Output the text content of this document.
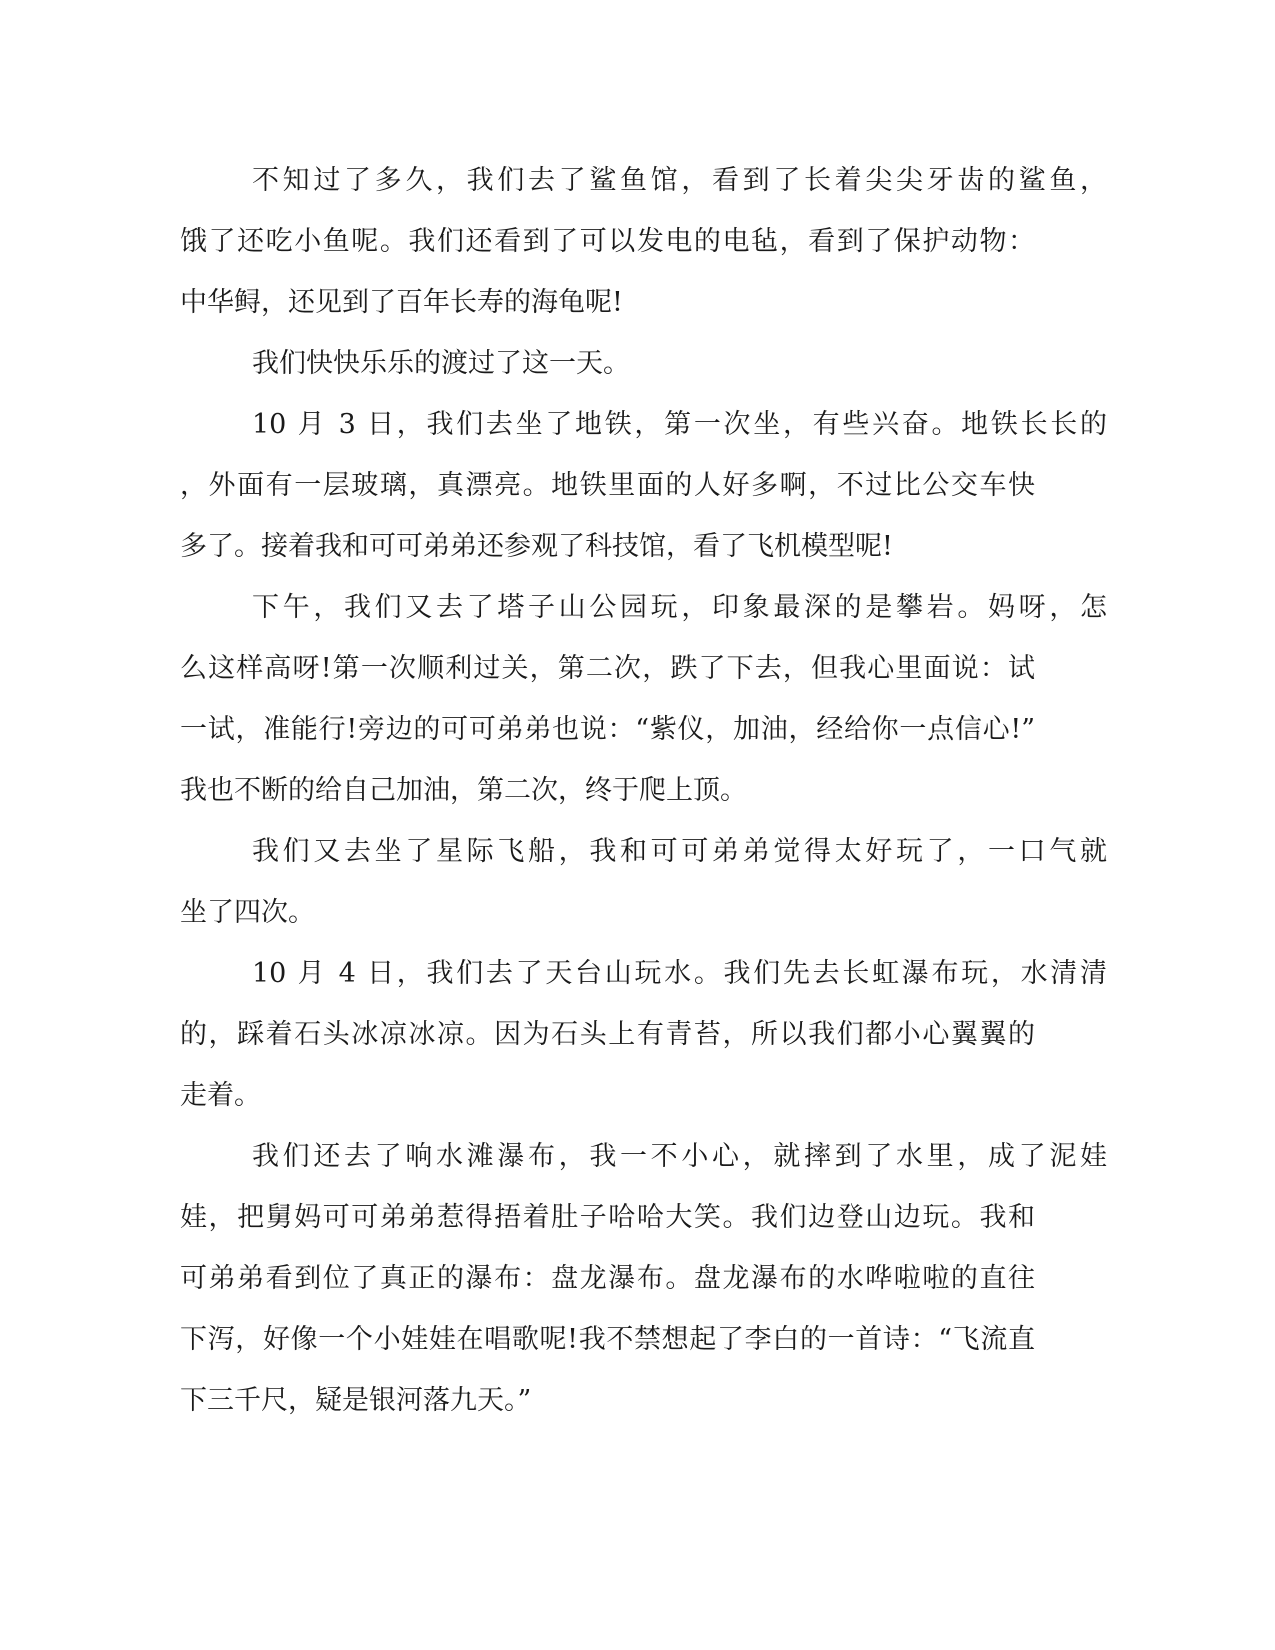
不知过了多久，我们去了鲨鱼馆，看到了长着尖尖牙齿的鲨鱼，
饿了还吃小鱼呢。我们还看到了可以发电的电毡，看到了保护动物：
中华鲟，还见到了百年长寿的海龟呢!
我们快快乐乐的渡过了这一天。
10 月 3 日，我们去坐了地铁，第一次坐，有些兴奋。地铁长长的
，外面有一层玻璃，真漂亮。地铁里面的人好多啊，不过比公交车快
多了。接着我和可可弟弟还参观了科技馆，看了飞机模型呢!
下午，我们又去了塔子山公园玩，印象最深的是攀岩。妈呀，怎
么这样高呀!第一次顺利过关，第二次，跌了下去，但我心里面说：试
一试，准能行!旁边的可可弟弟也说：“紫仪，加油，经给你一点信心!”
我也不断的给自己加油，第二次，终于爬上顶。
我们又去坐了星际飞船，我和可可弟弟觉得太好玩了，一口气就
坐了四次。
10 月 4 日，我们去了天台山玩水。我们先去长虹瀑布玩，水清清
的，踩着石头冰凉冰凉。因为石头上有青苔，所以我们都小心翼翼的
走着。
我们还去了响水滩瀑布，我一不小心，就摔到了水里，成了泥娃
娃，把舅妈可可弟弟惹得捂着肚子哈哈大笑。我们边登山边玩。我和
可弟弟看到位了真正的瀑布：盘龙瀑布。盘龙瀑布的水哗啦啦的直往
下泻，好像一个小娃娃在唱歌呢!我不禁想起了李白的一首诗：“飞流直
下三千尺，疑是银河落九天。”
